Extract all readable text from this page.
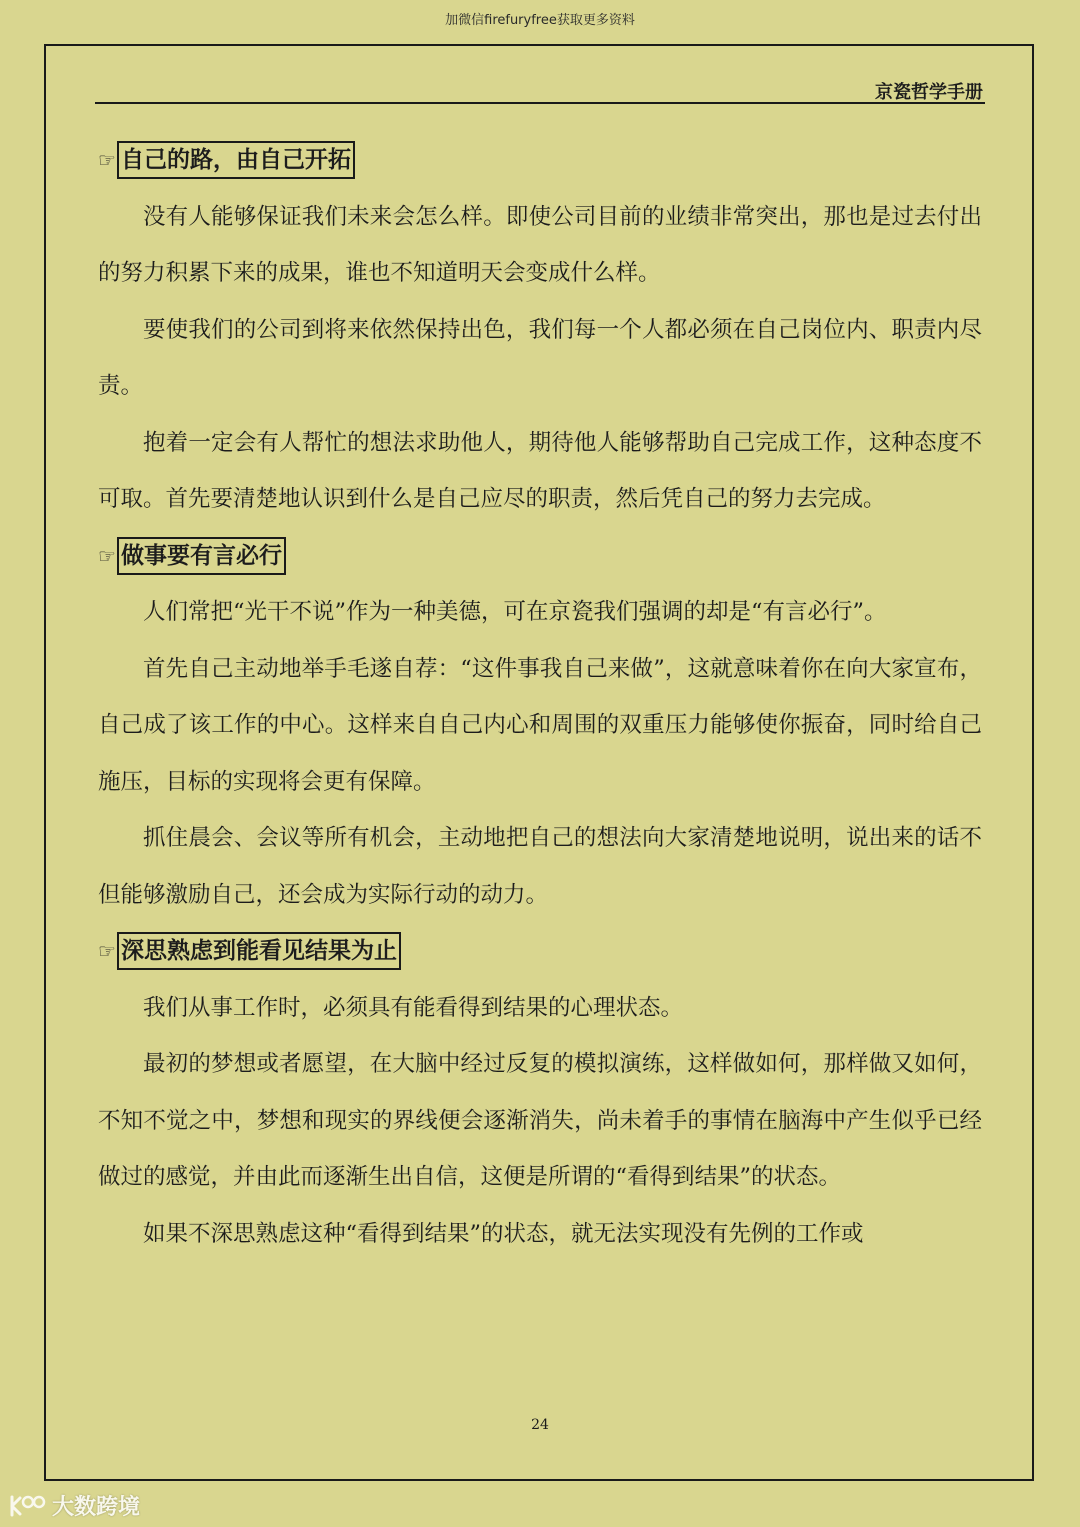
加微信firefuryfree获取更多资料
京瓷哲学手册
☞ 自己的路，由自己开拓

没有人能够保证我们未来会怎么样。即使公司目前的业绩非常突出，那也是过去付出的努力积累下来的成果，谁也不知道明天会变成什么样。

要使我们的公司到将来依然保持出色，我们每一个人都必须在自己岗位内、职责内尽责。

抱着一定会有人帮忙的想法求助他人，期待他人能够帮助自己完成工作，这种态度不可取。首先要清楚地认识到什么是自己应尽的职责，然后凭自己的努力去完成。

☞ 做事要有言必行

人们常把“光干不说”作为一种美德，可在京瓷我们强调的却是“有言必行”。

首先自己主动地举手毛遂自荐：“这件事我自己来做”，这就意味着你在向大家宣布，自己成了该工作的中心。这样来自自己内心和周围的双重压力能够使你振奋，同时给自己施压，目标的实现将会更有保障。

抓住晨会、会议等所有机会，主动地把自己的想法向大家清楚地说明，说出来的话不但能够激励自己，还会成为实际行动的动力。

☞ 深思熟虑到能看见结果为止

我们从事工作时，必须具有能看得到结果的心理状态。

最初的梦想或者愿望，在大脑中经过反复的模拟演练，这样做如何，那样做又如何，不知不觉之中，梦想和现实的界线便会逐渐消失，尚未着手的事情在脑海中产生似乎已经做过的感觉，并由此而逐渐生出自信，这便是所谓的“看得到结果”的状态。

如果不深思熟虑这种“看得到结果”的状态，就无法实现没有先例的工作或

24
大数跨境
